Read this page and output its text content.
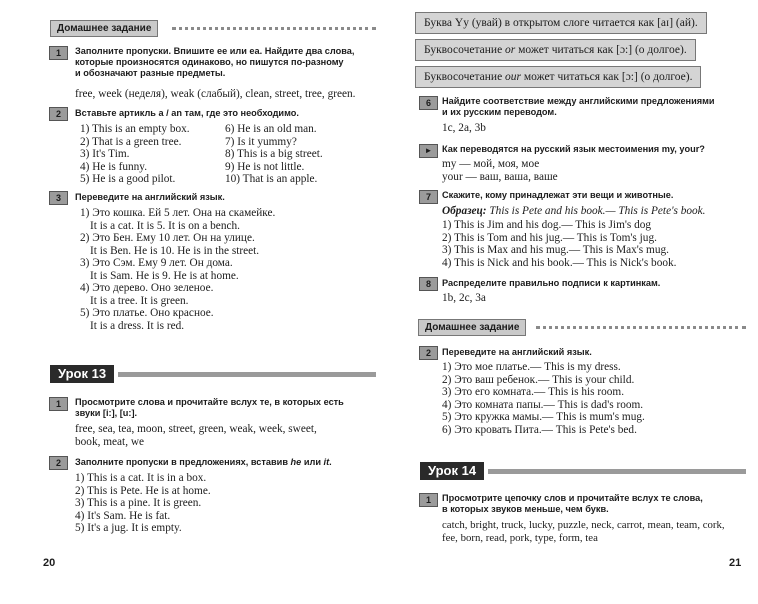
Домашнее задание
1	Заполните пропуски. Впишите ee или ea. Найдите два слова,
которые произносятся одинаково, но пишутся по-разному
и обозначают разные предметы.
free, week (неделя), weak (слабый), clean, street, tree, green.
2	Вставьте артикль a / an там, где это необходимо.
1) This is an empty box.
2) That is a green tree.
3) It's Tim.
4) He is funny.
5) He is a good pilot.
6) He is an old man.
7) Is it yummy?
8) This is a big street.
9) He is not little.
10) That is an apple.
3	Переведите на английский язык.
1) Это кошка. Ей 5 лет. Она на скамейке.
It is a cat. It is 5. It is on a bench.
2) Это Бен. Ему 10 лет. Он на улице.
It is Ben. He is 10. He is in the street.
3) Это Сэм. Ему 9 лет. Он дома.
It is Sam. He is 9. He is at home.
4) Это дерево. Оно зеленое.
It is a tree. It is green.
5) Это платье. Оно красное.
It is a dress. It is red.
Урок 13
1	Просмотрите слова и прочитайте вслух те, в которых есть
звуки [i:], [u:].
free, sea, tea, moon, street, green, weak, week, sweet,
book, meat, we
2	Заполните пропуски в предложениях, вставив he или it.
1) This is a cat. It is in a box.
2) This is Pete. He is at home.
3) This is a pine. It is green.
4) It's Sam. He is fat.
5) It's a jug. It is empty.
20
Буква Yy (увай) в открытом слоге читается как [aɪ] (ай).
Буквосочетание or может читаться как [ɔ:] (о долгое).
Буквосочетание our может читаться как [ɔ:] (о долгое).
6	Найдите соответствие между английскими предложениями
и их русским переводом.
1c, 2a, 3b
►	Как переводятся на русский язык местоимения my, your?
my — мой, моя, мое
your — ваш, ваша, ваше
7	Скажите, кому принадлежат эти вещи и животные.
Образец: This is Pete and his book.— This is Pete's book.
1) This is Jim and his dog.— This is Jim's dog
2) This is Tom and his jug.— This is Tom's jug.
3) This is Max and his mug.— This is Max's mug.
4) This is Nick and his book.— This is Nick's book.
8	Распределите правильно подписи к картинкам.
1b, 2c, 3a
Домашнее задание
2	Переведите на английский язык.
1) Это мое платье.— This is my dress.
2) Это ваш ребенок.— This is your child.
3) Это его комната.— This is his room.
4) Это комната папы.— This is dad's room.
5) Это кружка мамы.— This is mum's mug.
6) Это кровать Пита.— This is Pete's bed.
Урок 14
1	Просмотрите цепочку слов и прочитайте вслух те слова,
в которых звуков меньше, чем букв.
catch, bright, truck, lucky, puzzle, neck, carrot, mean, team, cork,
fee, born, read, pork, type, form, tea
21
